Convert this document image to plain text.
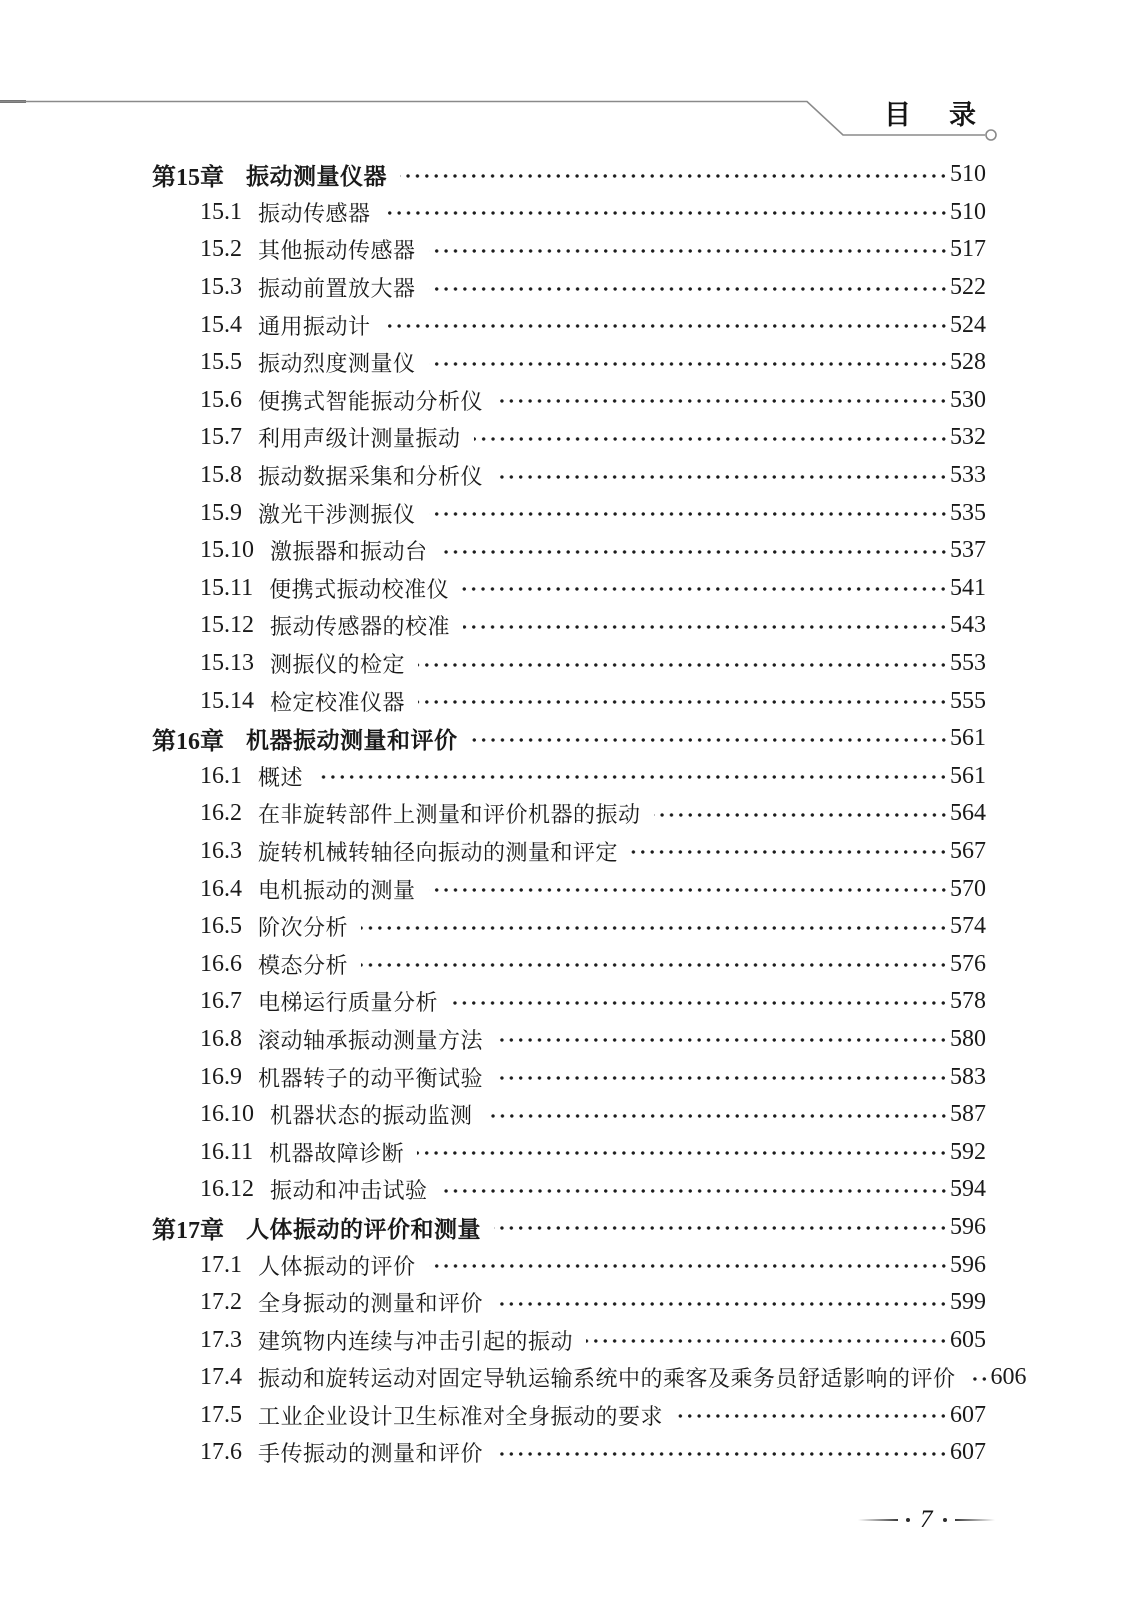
目录
第15章 振动测量仪器	510
15.1 振动传感器	510
15.2 其他振动传感器	517
15.3 振动前置放大器	522
15.4 通用振动计	524
15.5 振动烈度测量仪	528
15.6 便携式智能振动分析仪	530
15.7 利用声级计测量振动	532
15.8 振动数据采集和分析仪	533
15.9 激光干涉测振仪	535
15.10 激振器和振动台	537
15.11 便携式振动校准仪	541
15.12 振动传感器的校准	543
15.13 测振仪的检定	553
15.14 检定校准仪器	555
第16章 机器振动测量和评价	561
16.1 概述	561
16.2 在非旋转部件上测量和评价机器的振动	564
16.3 旋转机械转轴径向振动的测量和评定	567
16.4 电机振动的测量	570
16.5 阶次分析	574
16.6 模态分析	576
16.7 电梯运行质量分析	578
16.8 滚动轴承振动测量方法	580
16.9 机器转子的动平衡试验	583
16.10 机器状态的振动监测	587
16.11 机器故障诊断	592
16.12 振动和冲击试验	594
第17章 人体振动的评价和测量	596
17.1 人体振动的评价	596
17.2 全身振动的测量和评价	599
17.3 建筑物内连续与冲击引起的振动	605
17.4 振动和旋转运动对固定导轨运输系统中的乘客及乘务员舒适影响的评价 606
17.5 工业企业设计卫生标准对全身振动的要求	607
17.6 手传振动的测量和评价	607
7
